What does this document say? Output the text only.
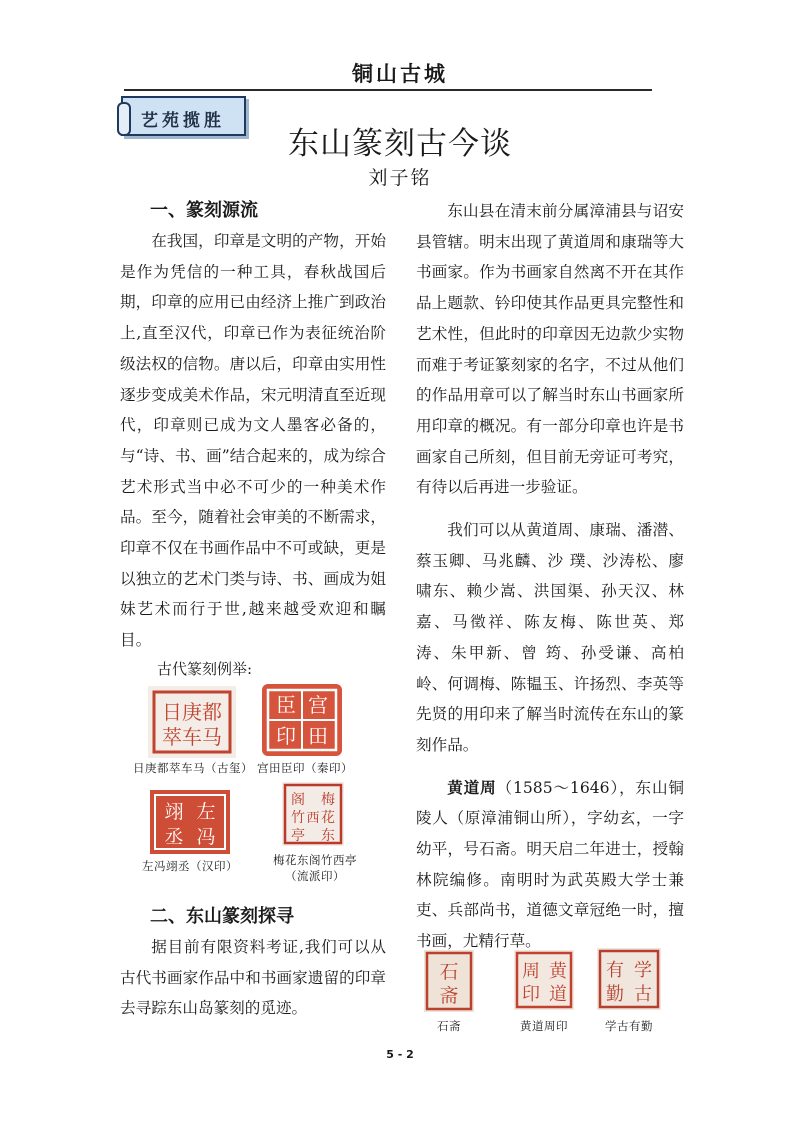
铜山古城
艺苑揽胜
东山篆刻古今谈
刘子铭
一、篆刻源流

在我国，印章是文明的产物，开始是作为凭信的一种工具，春秋战国后期，印章的应用已由经济上推广到政治上,直至汉代，印章已作为表征统治阶级法权的信物。唐以后，印章由实用性逐步变成美术作品，宋元明清直至近现代，印章则已成为文人墨客必备的，与“诗、书、画”结合起来的，成为综合艺术形式当中必不可少的一种美术作品。至今，随着社会审美的不断需求，印章不仅在书画作品中不可或缺，更是以独立的艺术门类与诗、书、画成为姐妹艺术而行于世,越来越受欢迎和瞩目。

古代篆刻例举:
日庚都
萃车马
日庚都萃车马（古玺）
宫
臣
田
印
宫田臣印（秦印）
左
翊
冯
丞
左冯翊丞（汉印）
梅
花
东
阁
竹
亭
西
梅花东阁竹西亭
（流派印）
二、东山篆刻探寻

据目前有限资料考证,我们可以从古代书画家作品中和书画家遗留的印章去寻踪东山岛篆刻的觅迹。

东山县在清末前分属漳浦县与诏安县管辖。明末出现了黄道周和康瑞等大书画家。作为书画家自然离不开在其作品上题款、钤印使其作品更具完整性和艺术性，但此时的印章因无边款少实物而难于考证篆刻家的名字，不过从他们的作品用章可以了解当时东山书画家所用印章的概况。有一部分印章也许是书画家自己所刻，但目前无旁证可考究，有待以后再进一步验证。

我们可以从黄道周、康瑞、潘潜、蔡玉卿、马兆麟、沙 璞、沙涛松、廖啸东、赖少嵩、洪国渠、孙天汉、林嘉、马徵祥、陈友梅、陈世英、郑 涛、朱甲新、曾 筠、孙受谦、高柏岭、何调梅、陈韫玉、许扬烈、李英等先贤的用印来了解当时流传在东山的篆刻作品。

黄道周（1585～1646），东山铜陵人（原漳浦铜山所），字幼玄，一字幼平，号石斋。明天启二年进士，授翰林院编修。南明时为武英殿大学士兼吏、兵部尚书，道德文章冠绝一时，擅书画，尤精行草。

石
斋
石斋
黄
道
周
印
黄道周印
学
古
有
勤
学古有勤
5 - 2
